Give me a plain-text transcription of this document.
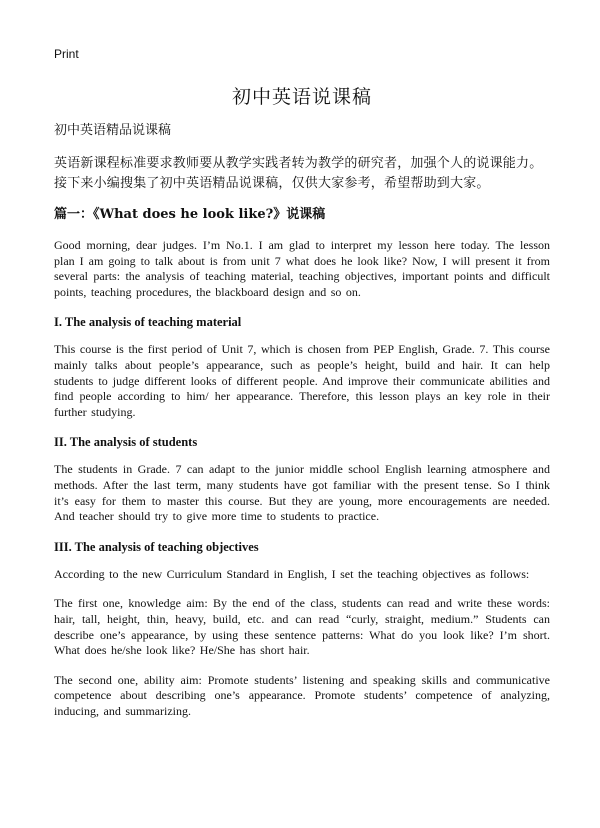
Print
初中英语说课稿
初中英语精品说课稿

英语新课程标准要求教师要从教学实践者转为教学的研究者，加强个人的说课能力。接下来小编搜集了初中英语精品说课稿，仅供大家参考，希望帮助到大家。

篇一：《What does he look like?》说课稿

Good morning, dear judges. I’m No.1. I am glad to interpret my lesson here today. The lesson plan I am going to talk about is from unit 7 what does he look like? Now, I will present it from several parts: the analysis of teaching material, teaching objectives, important points and difficult points, teaching procedures, the blackboard design and so on.

I. The analysis of teaching material

This course is the first period of Unit 7, which is chosen from PEP English, Grade. 7. This course mainly talks about people’s appearance, such as people’s height, build and hair. It can help students to judge different looks of different people. And improve their communicate abilities and find people according to him/ her appearance. Therefore, this lesson plays an key role in their further studying.

II. The analysis of students

The students in Grade. 7 can adapt to the junior middle school English learning atmosphere and methods. After the last term, many students have got familiar with the present tense. So I think it’s easy for them to master this course. But they are young, more encouragements are needed. And teacher should try to give more time to students to practice.

III. The analysis of teaching objectives

According to the new Curriculum Standard in English, I set the teaching objectives as follows:

The first one, knowledge aim: By the end of the class, students can read and write these words: hair, tall, height, thin, heavy, build, etc. and can read “curly, straight, medium.” Students can describe one’s appearance, by using these sentence patterns: What do you look like? I’m short. What does he/she look like? He/She has short hair.

The second one, ability aim: Promote students’ listening and speaking skills and communicative competence about describing one’s appearance. Promote students’ competence of analyzing, inducing, and summarizing.
